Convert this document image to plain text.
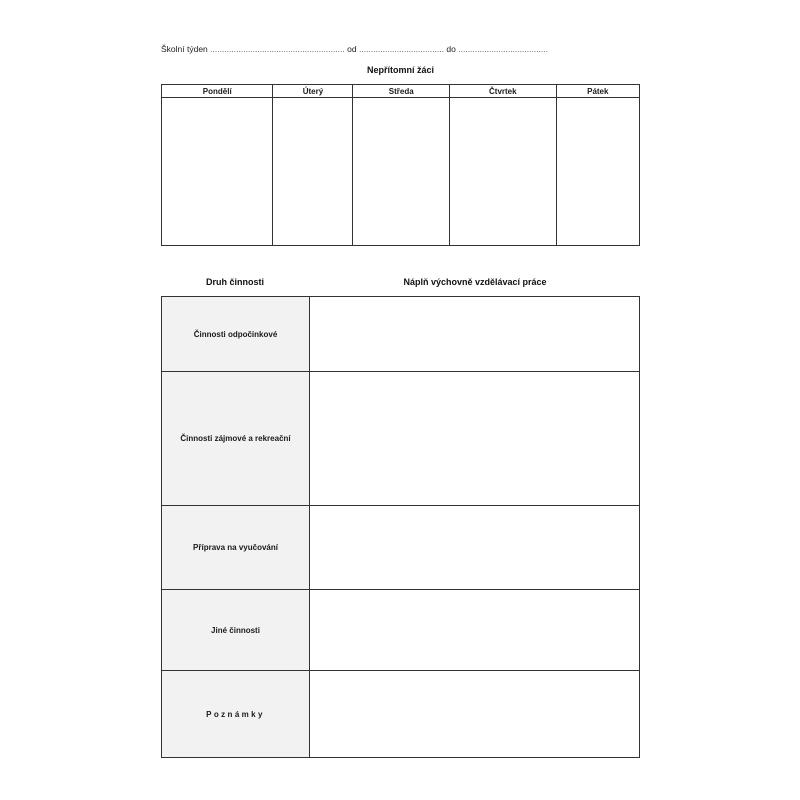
Školní týden ......................................................... od .................................... do ......................................
Nepřítomní žáci
Pondělí	Úterý	Středa	Čtvrtek	Pátek

Druh činnosti	Náplň výchovně vzdělávací práce
Činnosti odpočinkové	
Činnosti zájmové a rekreační	
Příprava na vyučování	
Jiné činnosti	
Poznámky	
